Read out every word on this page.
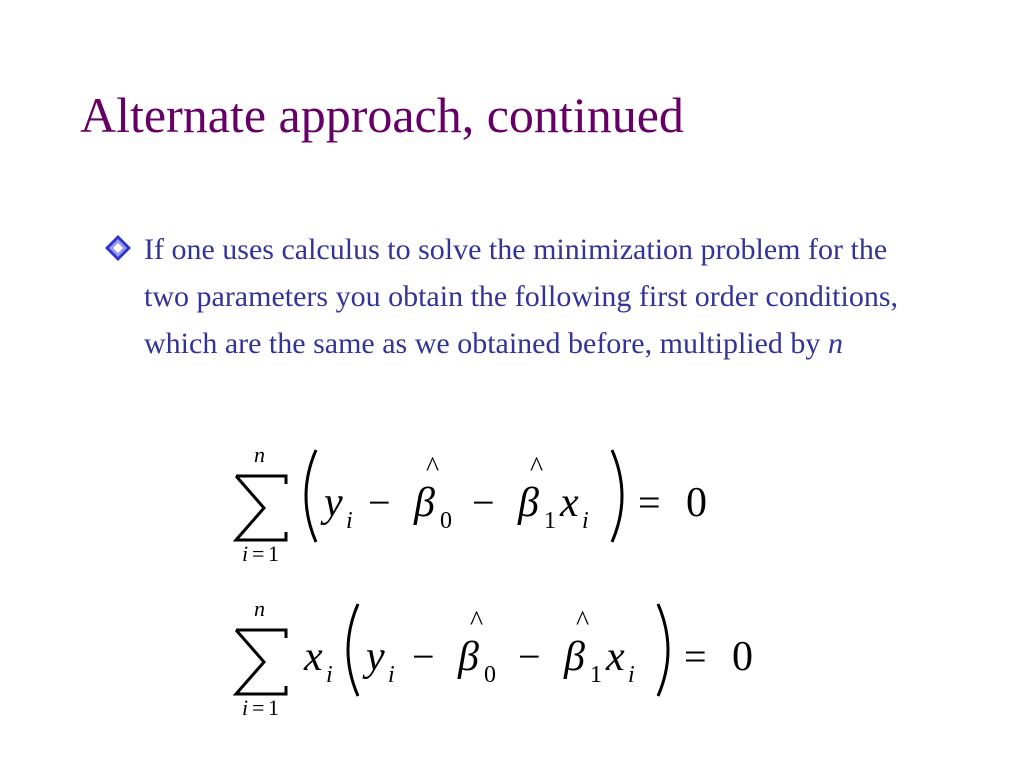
Alternate approach, continued

If one uses calculus to solve the minimization problem for the two parameters you obtain the following first order conditions, which are the same as we obtained before, multiplied by n

n
i = 1
y i −
^
β 0 −
^
β 1 x i = 0
n
i = 1
x i y i −
^
β 0 −
^
β 1 x i = 0
